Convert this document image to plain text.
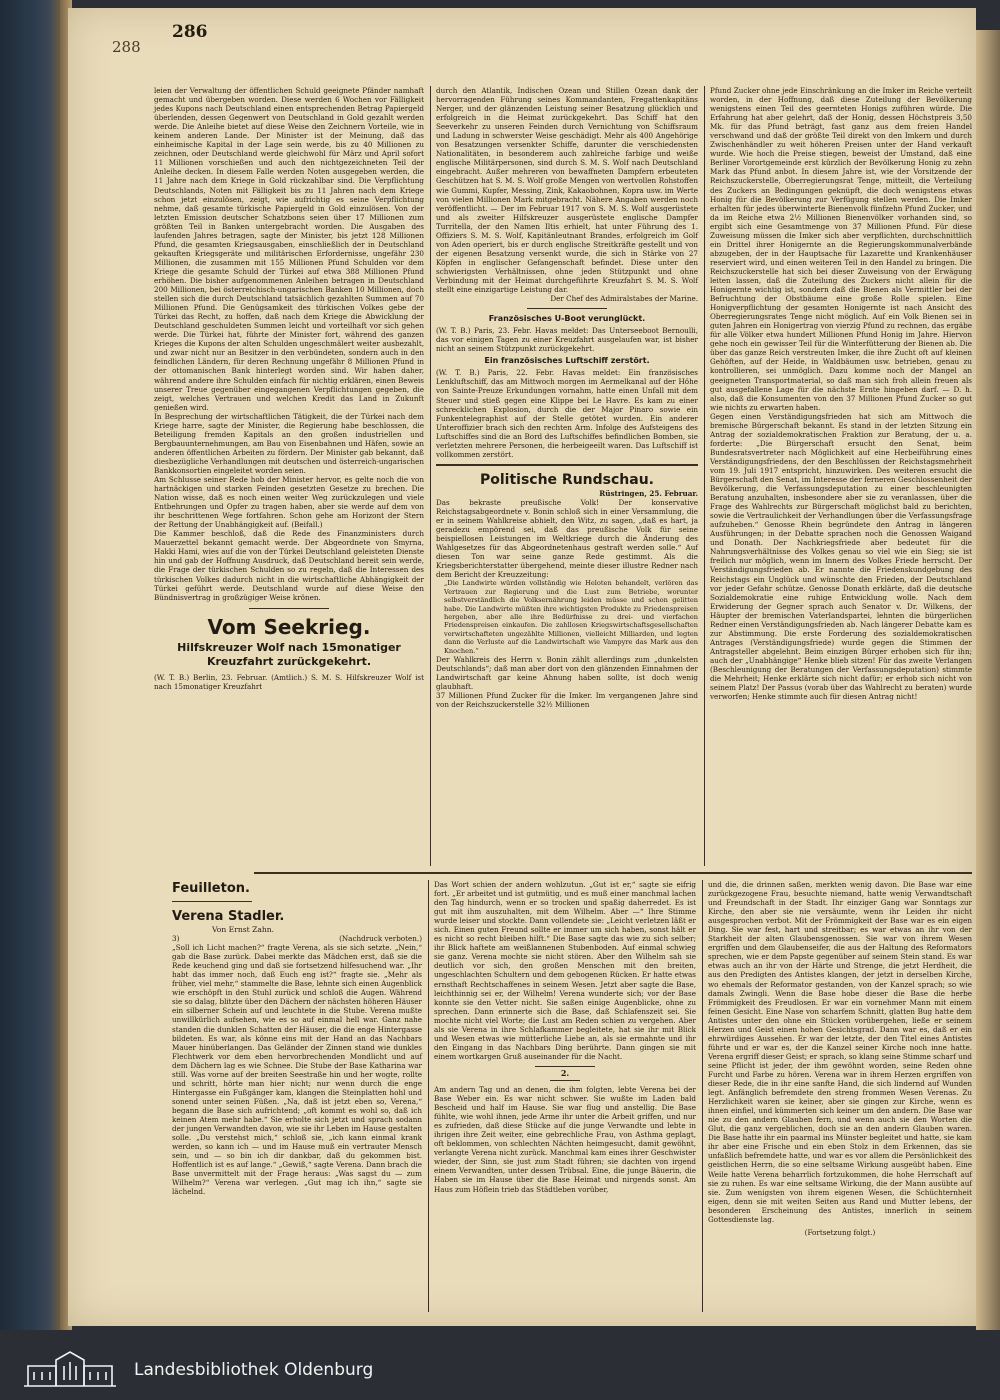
286
288

leien der Verwaltung der öffentlichen Schuld geeignete Pfänder namhaft gemacht und übergeben worden. Diese werden 6 Wochen vor Fälligkeit jedes Kupons nach Deutschland einen entsprechenden Betrag Papiergeld überlenden, dessen Gegenwert von Deutschland in Gold gezahlt werden werde. Die Anleihe bietet auf diese Weise den Zeichnern Vorteile, wie in keinem anderen Lande. Der Minister ist der Meinung, daß das einheimische Kapital in der Lage sein werde, bis zu 40 Millionen zu zeichnen, oder Deutschland werde gleichwohl für März und April sofort 11 Millionen vorschießen und auch den nichtgezeichneten Teil der Anleihe decken. In diesem Falle werden Noten ausgegeben werden, die 11 Jahre nach dem Kriege in Gold rückzahlbar sind. Die Verpflichtung Deutschlands, Noten mit Fälligkeit bis zu 11 Jahren nach dem Kriege schon jetzt einzulösen, zeigt, wie aufrichtig es seine Verpflichtung nehme, daß gesamte türkische Papiergeld in Gold einzulösen. Von der letzten Emission deutscher Schatzbons seien über 17 Millionen zum größten Teil in Banken untergebracht worden. Die Ausgaben des laufenden Jahres betragen, sagte der Minister, bis jetzt 128 Millionen Pfund, die gesamten Kriegsausgaben, einschließlich der in Deutschland gekauften Kriegsgeräte und militärischen Erfordernisse, ungefähr 230 Millionen, die zusammen mit 155 Millionen Pfund Schulden vor dem Kriege die gesamte Schuld der Türkei auf etwa 388 Millionen Pfund erhöhen. Die bisher aufgenommenen Anleihen betragen in Deutschland 200 Millionen, bei österreichisch-ungarischen Banken 10 Millionen, doch stellen sich die durch Deutschland tatsächlich gezahlten Summen auf 70 Millionen Pfund. Die Genügsamkeit des türkischen Volkes gebe der Türkei das Recht, zu hoffen, daß nach dem Kriege die Abwicklung der Deutschland geschuldeten Summen leicht und vorteilhaft vor sich gehen werde. Die Türkei hat, führte der Minister fort, während des ganzen Krieges die Kupons der alten Schulden ungeschmälert weiter ausbezahlt, und zwar nicht nur an Besitzer in den verbündeten, sondern auch in den feindlichen Ländern, für deren Rechnung ungefähr 8 Millionen Pfund in der ottomanischen Bank hinterlegt worden sind. Wir haben daher, während andere ihre Schulden einfach für nichtig erklären, einen Beweis unserer Treue gegenüber eingegangenen Verpflichtungen gegeben, die zeigt, welches Vertrauen und welchen Kredit das Land in Zukunft genießen wird.

In Besprechung der wirtschaftlichen Tätigkeit, die der Türkei nach dem Kriege harre, sagte der Minister, die Regierung habe beschlossen, die Beteiligung fremden Kapitals an den großen industriellen und Bergbauunternehmungen, am Bau von Eisenbahnen und Häfen, sowie an anderen öffentlichen Arbeiten zu fördern. Der Minister gab bekannt, daß diesbezügliche Verhandlungen mit deutschen und österreich-ungarischen Bankkonsortien eingeleitet worden seien.

Am Schlusse seiner Rede hob der Minister hervor, es gelte noch die von hartnäckigen und starken Feinden gesetzten Gesetze zu brechen. Die Nation wisse, daß es noch einen weiter Weg zurückzulegen und viele Entbehrungen und Opfer zu tragen haben, aber sie werde auf dem von ihr beschrittenen Wege fortfahren. Schon gehe am Horizont der Stern der Rettung der Unabhängigkeit auf. (Beifall.)

Die Kammer beschloß, daß die Rede des Finanzministers durch Mauerzettel bekannt gemacht werde. Der Abgeordnete von Smyrna, Hakki Hami, wies auf die von der Türkei Deutschland geleisteten Dienste hin und gab der Hoffnung Ausdruck, daß Deutschland bereit sein werde, die Frage der türkischen Schulden so zu regeln, daß die Interessen des türkischen Volkes dadurch nicht in die wirtschaftliche Abhängigkeit der Türkei geführt werde. Deutschland wurde auf diese Weise den Bündnisvertrag in großzügiger Weise krönen.

Vom Seekrieg.
Hilfskreuzer Wolf nach 15monatiger Kreuzfahrt zurückgekehrt.

(W. T. B.) Berlin, 23. Februar. (Amtlich.) S. M. S. Hilfskreuzer Wolf ist nach 15monatiger Kreuzfahrt

durch den Atlantik, Indischen Ozean und Stillen Ozean dank der hervorragenden Führung seines Kommandanten, Fregattenkapitäns Nerger, und der glänzenden Leistung seiner Besatzung glücklich und erfolgreich in die Heimat zurückgekehrt. Das Schiff hat den Seeverkehr zu unseren Feinden durch Vernichtung von Schiffsraum und Ladung in schwerster Weise geschädigt. Mehr als 400 Angehörige von Besatzungen versenkter Schiffe, darunter die verschiedensten Nationalitäten, in besonderem auch zahlreiche farbige und weiße englische Militärpersonen, sind durch S. M. S. Wolf nach Deutschland eingebracht. Außer mehreren von bewaffneten Dampfern erbeuteten Geschützen hat S. M. S. Wolf große Mengen von wertvollen Rohstoffen wie Gummi, Kupfer, Messing, Zink, Kakaobohnen, Kopra usw. im Werte von vielen Millionen Mark mitgebracht. Nähere Angaben werden noch veröffentlicht. — Der im Februar 1917 von S. M. S. Wolf ausgerüstete und als zweiter Hilfskreuzer ausgerüstete englische Dampfer Turritella, der den Namen Iltis erhielt, hat unter Führung des 1. Offiziers S. M. S. Wolf, Kapitänleutnant Brandes, erfolgreich im Golf von Aden operiert, bis er durch englische Streitkräfte gestellt und von der eigenen Besatzung versenkt wurde, die sich in Stärke von 27 Köpfen in englischer Gefangenschaft befindet. Diese unter den schwierigsten Verhältnissen, ohne jeden Stützpunkt und ohne Verbindung mit der Heimat durchgeführte Kreuzfahrt S. M. S. Wolf stellt eine einzigartige Leistung dar.

Der Chef des Admiralstabes der Marine.

Französisches U-Boot verunglückt.

(W. T. B.) Paris, 23. Febr. Havas meldet: Das Unterseeboot Bernoulli, das vor einigen Tagen zu einer Kreuzfahrt ausgelaufen war, ist bisher nicht an seinem Stützpunkt zurückgekehrt.

Ein französisches Luftschiff zerstört.

(W. T. B.) Paris, 22. Febr. Havas meldet: Ein französisches Lenkluftschiff, das am Mittwoch morgen im Aermelkanal auf der Höhe von Sainte-Preuze Erkundungen vornahm, hatte einen Unfall mit dem Steuer und stieß gegen eine Klippe bei Le Havre. Es kam zu einer schrecklichen Explosion, durch die der Major Pinaro sowie ein Funkentelegraphist auf der Stelle getötet wurden. Ein anderer Unteroffizier brach sich den rechten Arm. Infolge des Aufsteigens des Luftschiffes sind die an Bord des Luftschiffes befindlichen Bomben, sie verletzten mehrere Personen, die herbeigeeilt waren. Das Luftschiff ist vollkommen zerstört.

Politische Rundschau.

Rüstringen, 25. Februar.

Das bekraste preußische Volk! Der konservative Reichstagsabgeordnete v. Bonin schloß sich in einer Versammlung, die er in seinem Wahlkreise abhielt, den Witz, zu sagen, „daß es hart, ja geradezu empörend sei, daß das preußische Volk für seine beispiellosen Leistungen im Weltkriege durch die Änderung des Wahlgesetzes für das Abgeordnetenhaus gestraft werden solle.“ Auf diesen Ton war seine ganze Rede gestimmt. Als die Kriegsberichterstatter übergehend, meinte dieser illustre Redner nach dem Bericht der Kreuzzeitung:

„Die Landwirte würden vollständig wie Heloten behandelt, verlören das Vertrauen zur Regierung und die Lust zum Betriebe, worunter selbstverständlich die Volksernährung leiden müsse und schon gelitten habe. Die Landwirte müßten ihre wichtigsten Produkte zu Friedenspreisen hergeben, aber alle ihre Bedürfnisse zu drei- und vierfachen Friedenspreisen einkaufen. Die zahllosen Kriegswirtschaftsgesellschaften verwirtschafteten ungezählte Millionen, vielleicht Milliarden, und legten dann die Verluste auf die Landwirtschaft wie Vampyre das Mark aus den Knochen.“

Der Wahlkreis des Herrn v. Bonin zählt allerdings zum „dunkelsten Deutschlands“; daß man aber dort von den glänzenden Einnahmen der Landwirtschaft gar keine Ahnung haben sollte, ist doch wenig glaubhaft.

37 Millionen Pfund Zucker für die Imker. Im vergangenen Jahre sind von der Reichszuckerstelle 32½ Millionen

Pfund Zucker ohne jede Einschränkung an die Imker im Reiche verteilt worden, in der Hoffnung, daß diese Zuteilung der Bevölkerung wenigstens einen Teil des geernteten Honigs zuführen würde. Die Erfahrung hat aber gelehrt, daß der Honig, dessen Höchstpreis 3,50 Mk. für das Pfund beträgt, fast ganz aus dem freien Handel verschwand und daß der größte Teil direkt von den Imkern und durch Zwischenhändler zu weit höheren Preisen unter der Hand verkauft wurde. Wie hoch die Preise stiegen, beweist der Umstand, daß eine Berliner Vorortgemeinde erst kürzlich der Bevölkerung Honig zu zehn Mark das Pfund anbot. In diesem Jahre ist, wie der Vorsitzende der Reichszuckerstelle, Oberregierungsrat Tenge, mitteilt, die Verteilung des Zuckers an Bedingungen geknüpft, die doch wenigstens etwas Honig für die Bevölkerung zur Verfügung stellen werden. Die Imker erhalten für jedes überwinterte Bienenvolk fünfzehn Pfund Zucker, und da im Reiche etwa 2½ Millionen Bienenvölker vorhanden sind, so ergibt sich eine Gesamtmenge von 37 Millionen Pfund. Für diese Zuweisung müssen die Imker sich aber verpflichten, durchschnittlich ein Drittel ihrer Honigernte an die Regierungskommunalverbände abzugeben, der in der Hauptsache für Lazarette und Krankenhäuser reserviert wird, und einen weiteren Teil in den Handel zu bringen. Die Reichszuckerstelle hat sich bei dieser Zuweisung von der Erwägung leiten lassen, daß die Zuteilung des Zuckers nicht allein für die Honigernte wichtig ist, sondern daß die Bienen als Vermittler bei der Befruchtung der Obstbäume eine große Rolle spielen. Eine Honigverpflichtung der gesamten Honigernte ist nach Ansicht des Oberregierungsrates Tenge nicht möglich. Auf ein Volk Bienen sei in guten Jahren ein Honigertrag von vierzig Pfund zu rechnen, das ergäbe für alle Völker etwa hundert Millionen Pfund Honig im Jahre. Hiervon gehe noch ein gewisser Teil für die Winterfütterung der Bienen ab. Die über das ganze Reich verstreuten Imker, die ihre Zucht oft auf kleinen Gehöften, auf der Heide, in Waldbäumen usw. betrieben, genau zu kontrollieren, sei unmöglich. Dazu komme noch der Mangel an geeigneten Transportmaterial, so daß man sich froh allein freuen als gut ausgefallene Lage für die nächste Ernte hingeben darf. — D. h. also, daß die Konsumenten von den 37 Millionen Pfund Zucker so gut wie nichts zu erwarten haben.

Gegen einen Verständigungsfrieden hat sich am Mittwoch die bremische Bürgerschaft bekannt. Es stand in der letzten Sitzung ein Antrag der sozialdemokratischen Fraktion zur Beratung, der u. a. forderte: „Die Bürgerschaft ersucht den Senat, beim Bundesratsvertreter nach Möglichkeit auf eine Herbeiführung eines Verständigungsfriedens, der den Beschlüssen der Reichstagsmehrheit vom 19. Juli 1917 entspricht, hinzuwirken. Des weiteren ersucht die Bürgerschaft den Senat, im Interesse der ferneren Geschlossenheit der Bevölkerung, die Verfassungsdeputation zu einer beschleunigten Beratung anzuhalten, insbesondere aber sie zu veranlassen, über die Frage des Wahlrechts zur Bürgerschaft möglichst bald zu berichten, sowie die Vertraulichkeit der Verhandlungen über die Verfassungsfrage aufzuheben.“ Genosse Rhein begründete den Antrag in längeren Ausführungen; in der Debatte sprachen noch die Genossen Waigand und Donath. Der Nachkriegsfriede aber bedeutet für die Nahrungsverhältnisse des Volkes genau so viel wie ein Sieg; sie ist freilich nur möglich, wenn im Innern des Volkes Friede herrscht. Der Verständigungsfrieden ab. Er nannte die Friedenskundgebung des Reichstags ein Unglück und wünschte den Frieden, der Deutschland vor jeder Gefahr schütze. Genosse Donath erklärte, daß die deutsche Sozialdemokratie eine ruhige Entwicklung wolle. Nach dem Erwiderung der Gegner sprach auch Senator v. Dr. Wilkens, der Häupter der bremischen Vaterlandspartei, lehnten die bürgerlichen Redner einen Verständigungsfrieden ab. Nach längerer Debatte kam es zur Abstimmung. Die erste Forderung des sozialdemokratischen Antrages (Verständigungsfriede) wurde gegen die Stimmen der Antragsteller abgelehnt. Beim einzigen Bürger erhoben sich für ihn; auch der „Unabhängige“ Henke blieb sitzen! Für das zweite Verlangen (Beschleunigung der Beratungen der Verfassungsdeputation) stimmte die Mehrheit; Henke erklärte sich nicht dafür; er erhob sich nicht von seinem Platz! Der Passus (vorab über das Wahlrecht zu beraten) wurde verworfen; Henke stimmte auch für diesen Antrag nicht!

Feuilleton.
Verena Stadler.

Von Ernst Zahn.

3)	(Nachdruck verboten.)

„Soll ich Licht machen?“ fragte Verena, als sie sich setzte. „Nein,“ gab die Base zurück. Dabei merkte das Mädchen erst, daß sie die Rede keuchend ging und daß sie fortsetzend hilfesuchend war. „Ihr habt das immer noch, daß Euch eng ist?“ fragte sie. „Mehr als früher, viel mehr,“ stammelte die Base, lehnte sich einen Augenblick wie erschöpft in den Stuhl zurück und schloß die Augen. Während sie so dalag, blitzte über den Dächern der nächsten höheren Häuser ein silberner Schein auf und leuchtete in die Stube. Verena mußte unwillkürlich aufsehen, wie es so auf einmal hell war. Ganz nahe standen die dunklen Schatten der Häuser, die die enge Hintergasse bildeten. Es war, als könne eins mit der Hand an das Nachbars Mauer hinüberlangen. Das Geländer der Zinnen stand wie dunkles Flechtwerk vor dem eben hervorbrechenden Mondlicht und auf dem Dächern lag es wie Schnee. Die Stube der Base Katharina war still. Was vorne auf der breiten Seestraße hin und her wogte, rollte und schritt, hörte man hier nicht; nur wenn durch die enge Hintergasse ein Fußgänger kam, klangen die Steinplatten hohl und sonend unter seinen Füßen. „Na, daß ist jetzt eben so, Verena,“ begann die Base sich aufrichtend; „oft kommt es wohl so, daß ich keinen Atem mehr habe.“ Sie erholte sich jetzt und sprach sodann der jungen Verwandten davon, wie sie ihr Leben im Hause gestalten solle. „Du verstehst mich,“ schloß sie, „ich kann einmal krank werden, so kann ich — und im Hause muß ein vertrauter Mensch sein, und — so bin ich dir dankbar, daß du gekommen bist. Hoffentlich ist es auf lange.“ „Gewiß,“ sagte Verena. Dann brach die Base unvermittelt mit der Frage heraus: „Was sagst du — zum Wilhelm?“ Verena war verlegen. „Gut mag ich ihn,“ sagte sie lächelnd.

Das Wort schien der andern wohlzutun. „Gut ist er,“ sagte sie eifrig fort. „Er arbeitet und ist gutmütig, und es muß einer manchmal lachen den Tag hindurch, wenn er so trocken und spaßig daherredet. Es ist gut mit ihm auszuhalten, mit dem Wilhelm. Aber —“ Ihre Stimme wurde leiser und stockte. Dann vollendete sie: „Leicht verletzen läßt er sich. Einen guten Freund sollte er immer um sich haben, sonst hält er es nicht so recht bleiben hilft.“ Die Base sagte das wie zu sich selber; ihr Blick haftete am weißlannenen Stubenboden. Auf einmal schwieg sie ganz. Verena mochte sie nicht stören. Aber den Wilhelm sah sie deutlich vor sich, den großen Menschen mit den breiten, ungeschlachten Schultern und dem gebogenen Rücken. Er hatte etwas ernsthaft Rechtschaffenes in seinem Wesen. Jetzt aber sagte die Base, leichthinnig sei er, der Wilhelm! Verena wunderte sich; vor der Base konnte sie den Vetter nicht. Sie saßen einige Augenblicke, ohne zu sprechen. Dann erinnerte sich die Base, daß Schlafenszeit sei. Sie mochte nicht viel Worte; die Lust am Reden schien zu vergehen. Aber als sie Verena in ihre Schlafkammer begleitete, hat sie ihr mit Blick und Wesen etwas wie mütterliche Liebe an, als sie ermahnte und ihr den Eingang in das Nachbars Ding berührte. Dann gingen sie mit einem wortkargen Gruß auseinander für die Nacht.

2.

Am andern Tag und an denen, die ihm folgten, lebte Verena bei der Base Weber ein. Es war nicht schwer. Sie wußte im Laden bald Bescheid und half im Hause. Sie war flug und anstellig. Die Base fühlte, wie wohl ihnen, jede Arme ihr unter die Arbeit griffen, und nur es zufrieden, daß diese Stücke auf die junge Verwandte und lebte in ihrigen ihre Zeit weiter, eine gebrechliche Frau, von Asthma geplagt, oft beklommen, von schlechten Nächten heimgesucht, damit gewöhnt, verlangte Verena nicht zurück. Manchmal kam eines ihrer Geschwister wieder, der Sinn, sie just zum Stadt führen; sie dachten von irgend einem Verwandten, unter dessen Trübsal. Eine, die junge Bäuerin, die Haben sie im Hause über die Base Heimat und nirgends sonst. Am Haus zum Höflein trieb das Städtleben vorüber,

und die, die drinnen saßen, merkten wenig davon. Die Base war eine zurückgezogene Frau, besuchte niemand, hatte wenig Verwandtschaft und Freundschaft in der Stadt. Ihr einziger Gang war Sonntags zur Kirche, den aber sie nie versäumte, wenn ihr Leiden ihr nicht ausgesprochen verbot. Mit der Frömmigkeit der Base war es ein eigen Ding. Sie war fest, hart und streitbar; es war etwas an ihr von der Starkheit der alten Glaubensgenossen. Sie war von ihrem Wesen ergriffen und dem Glaubenseifer, die aus der Haltung des Reformators sprechen, wie er dem Papste gegenüber auf seinem Stein stand. Es war etwas auch an ihr von der Härte und Strenge, die jetzt Herdheit, die aus den Predigten des Antistes klangen, der jetzt in derselben Kirche, wo ehemals der Reformator gestanden, von der Kanzel sprach; so wie damals Zwingli. Wenn die Base hobe dieser die Base die herbe Frömmigkeit des Freudlosen. Er war ein vornehmer Mann mit einem feinen Gesicht. Eine Nase von scharfem Schnitt, glatten Bug hatte dem Antistes unter den ohne ein Stücken vorübergehen, ließe er seinem Herzen und Geist einen hohen Gesichtsgrad. Dann war es, daß er ein ehrwürdiges Aussehen. Er war der letzte, der den Titel eines Antistes führte und er war es, der die Kanzel seiner Kirche noch inne hatte. Verena ergriff dieser Geist; er sprach, so klang seine Stimme scharf und seine Pflicht ist jeder, der ihm gewöhnt worden, seine Reden ohne Furcht und Farbe zu hören. Verena war in ihrem Herzen ergriffen von dieser Rede, die in ihr eine sanfte Hand, die sich lindernd auf Wunden legt. Anfänglich befremdete den streng frommen Wesen Verenas. Zu Herzlichkeit waren sie keiner, aber sie gingen zur Kirche, wenn es ihnen einfiel, und kümmerten sich keiner um den andern. Die Base war nie zu den andern Glauben fern, und wenn auch sie den Worten die Glut, die ganz vergeblichen, doch sie an den andern Glauben waren. Die Base hatte ihr ein paarmal ins Münster begleitet und hatte, sie kam ihr aber eine Frische und ein eben Stolz in dem Erkennen, das sie unfaßlich befremdete hatte, und war es vor allem die Persönlichkeit des geistlichen Herrn, die so eine seltsame Wirkung ausgeübt haben. Eine Weile hatte Verena beharrlich fortzukommen, die hohe Herrschaft auf sie zu ruhen. Es war eine seltsame Wirkung, die der Mann ausübte auf sie. Zum wenigsten von ihrem eigenen Wesen, die Schüchternheit eigen, denn sie mit weiten Seiten aus Rand und Mutter lebens, der besonderen Erscheinung des Antistes, innerlich in seinem Gottesdienste lag.

(Fortsetzung folgt.)

Landesbibliothek Oldenburg
